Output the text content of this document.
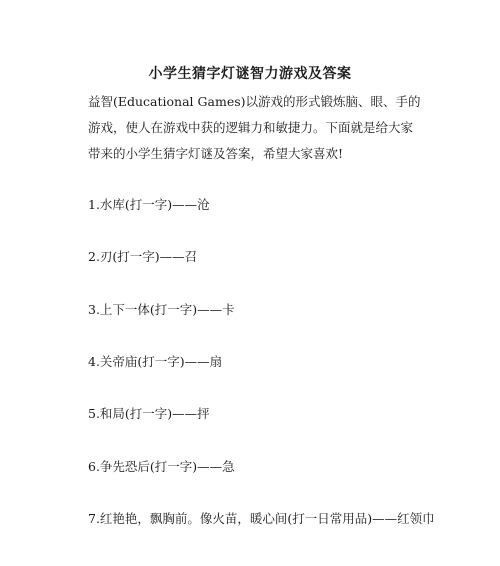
小学生猜字灯谜智力游戏及答案

益智(Educational Games)以游戏的形式锻炼脑、眼、手的游戏，使人在游戏中获的逻辑力和敏捷力。下面就是给大家带来的小学生猜字灯谜及答案，希望大家喜欢!

1.水库(打一字)——沧

2.刃(打一字)——召

3.上下一体(打一字)——卡

4.关帝庙(打一字)——扇

5.和局(打一字)——抨

6.争先恐后(打一字)——急

7.红艳艳，飘胸前。像火苗，暖心间(打一日常用品)——红领巾
